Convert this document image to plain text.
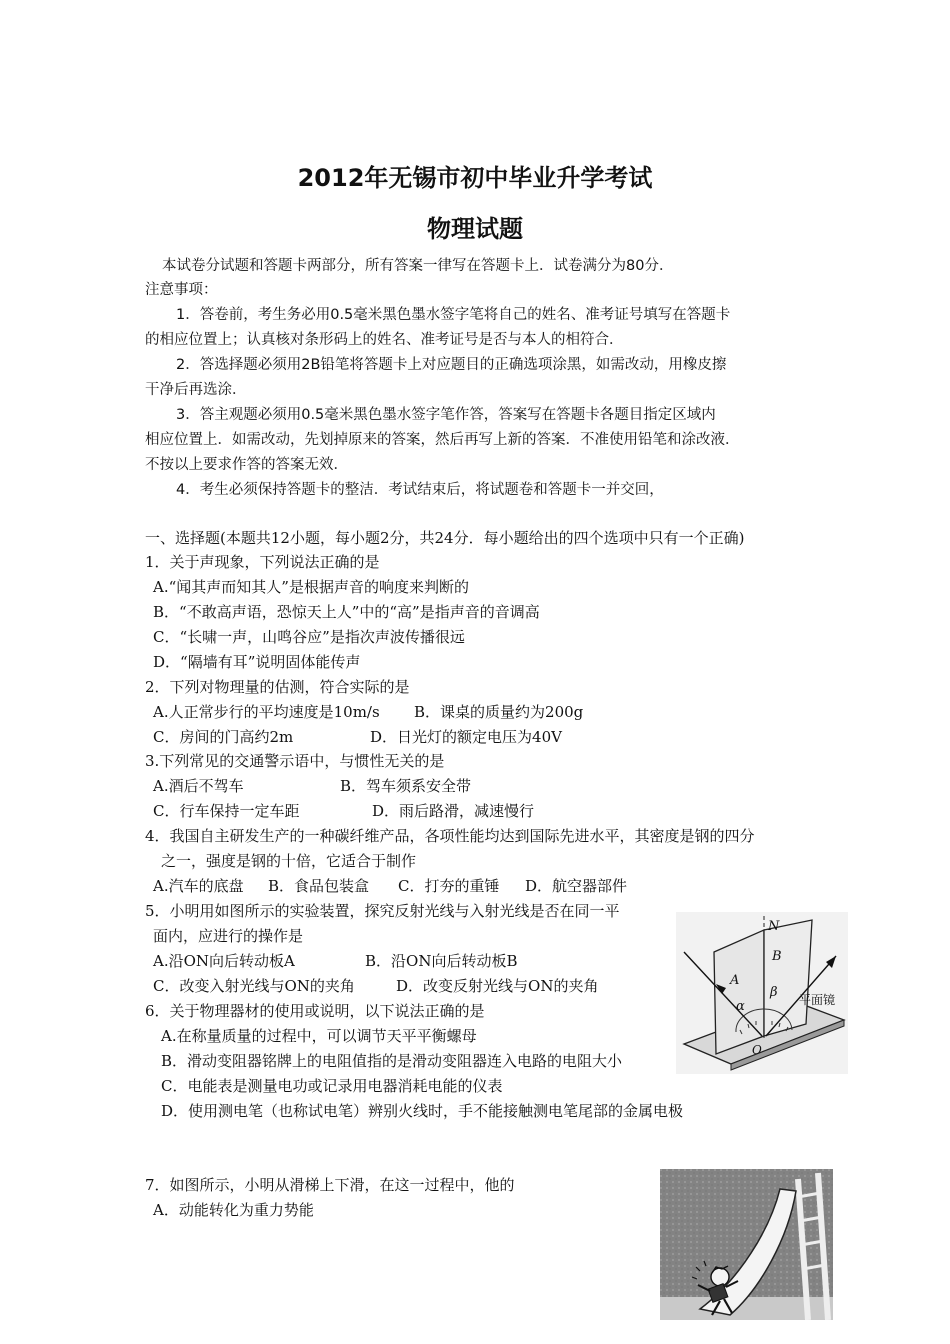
2012年无锡市初中毕业升学考试
物理试题
本试卷分试题和答题卡两部分，所有答案一律写在答题卡上．试卷满分为80分．
注意事项：
1．答卷前，考生务必用0.5毫米黑色墨水签字笔将自己的姓名、准考证号填写在答题卡
的相应位置上；认真核对条形码上的姓名、准考证号是否与本人的相符合．
2．答选择题必须用2B铅笔将答题卡上对应题目的正确选项涂黑，如需改动，用橡皮擦
干净后再选涂．
3．答主观题必须用0.5毫米黑色墨水签字笔作答，答案写在答题卡各题目指定区域内
相应位置上．如需改动，先划掉原来的答案，然后再写上新的答案．不准使用铅笔和涂改液．
不按以上要求作答的答案无效．
4．考生必须保持答题卡的整洁．考试结束后，将试题卷和答题卡一并交回，
一、选择题(本题共12小题，每小题2分，共24分．每小题给出的四个选项中只有一个正确)
1．关于声现象，下列说法正确的是
A.“闻其声而知其人”是根据声音的响度来判断的
B．“不敢高声语，恐惊天上人”中的“高”是指声音的音调高
C．“长啸一声，山鸣谷应”是指次声波传播很远
D．“隔墙有耳”说明固体能传声
2．下列对物理量的估测，符合实际的是
A.人正常步行的平均速度是10m/s B．课桌的质量约为200g
C．房间的门高约2m	D．日光灯的额定电压为40V
3.下列常见的交通警示语中，与惯性无关的是
A.酒后不驾车	B．驾车须系安全带
C．行车保持一定车距	D．雨后路滑，减速慢行
4．我国自主研发生产的一种碳纤维产品，各项性能均达到国际先进水平，其密度是钢的四分
之一，强度是钢的十倍，它适合于制作
A.汽车的底盘 B．食品包装盒 C．打夯的重锤 D．航空器部件
5．小明用如图所示的实验装置，探究反射光线与入射光线是否在同一平
面内，应进行的操作是
A.沿ON向后转动板A	B．沿ON向后转动板B
C．改变入射光线与ON的夹角	D．改变反射光线与ON的夹角
N
A
B
α
β
O
平面镜
6．关于物理器材的使用或说明，以下说法正确的是
A.在称量质量的过程中，可以调节天平平衡螺母
B．滑动变阻器铭牌上的电阻值指的是滑动变阻器连入电路的电阻大小
C．电能表是测量电功或记录用电器消耗电能的仪表
D．使用测电笔（也称试电笔）辨别火线时，手不能接触测电笔尾部的金属电极
7．如图所示，小明从滑梯上下滑，在这一过程中，他的
A．动能转化为重力势能
